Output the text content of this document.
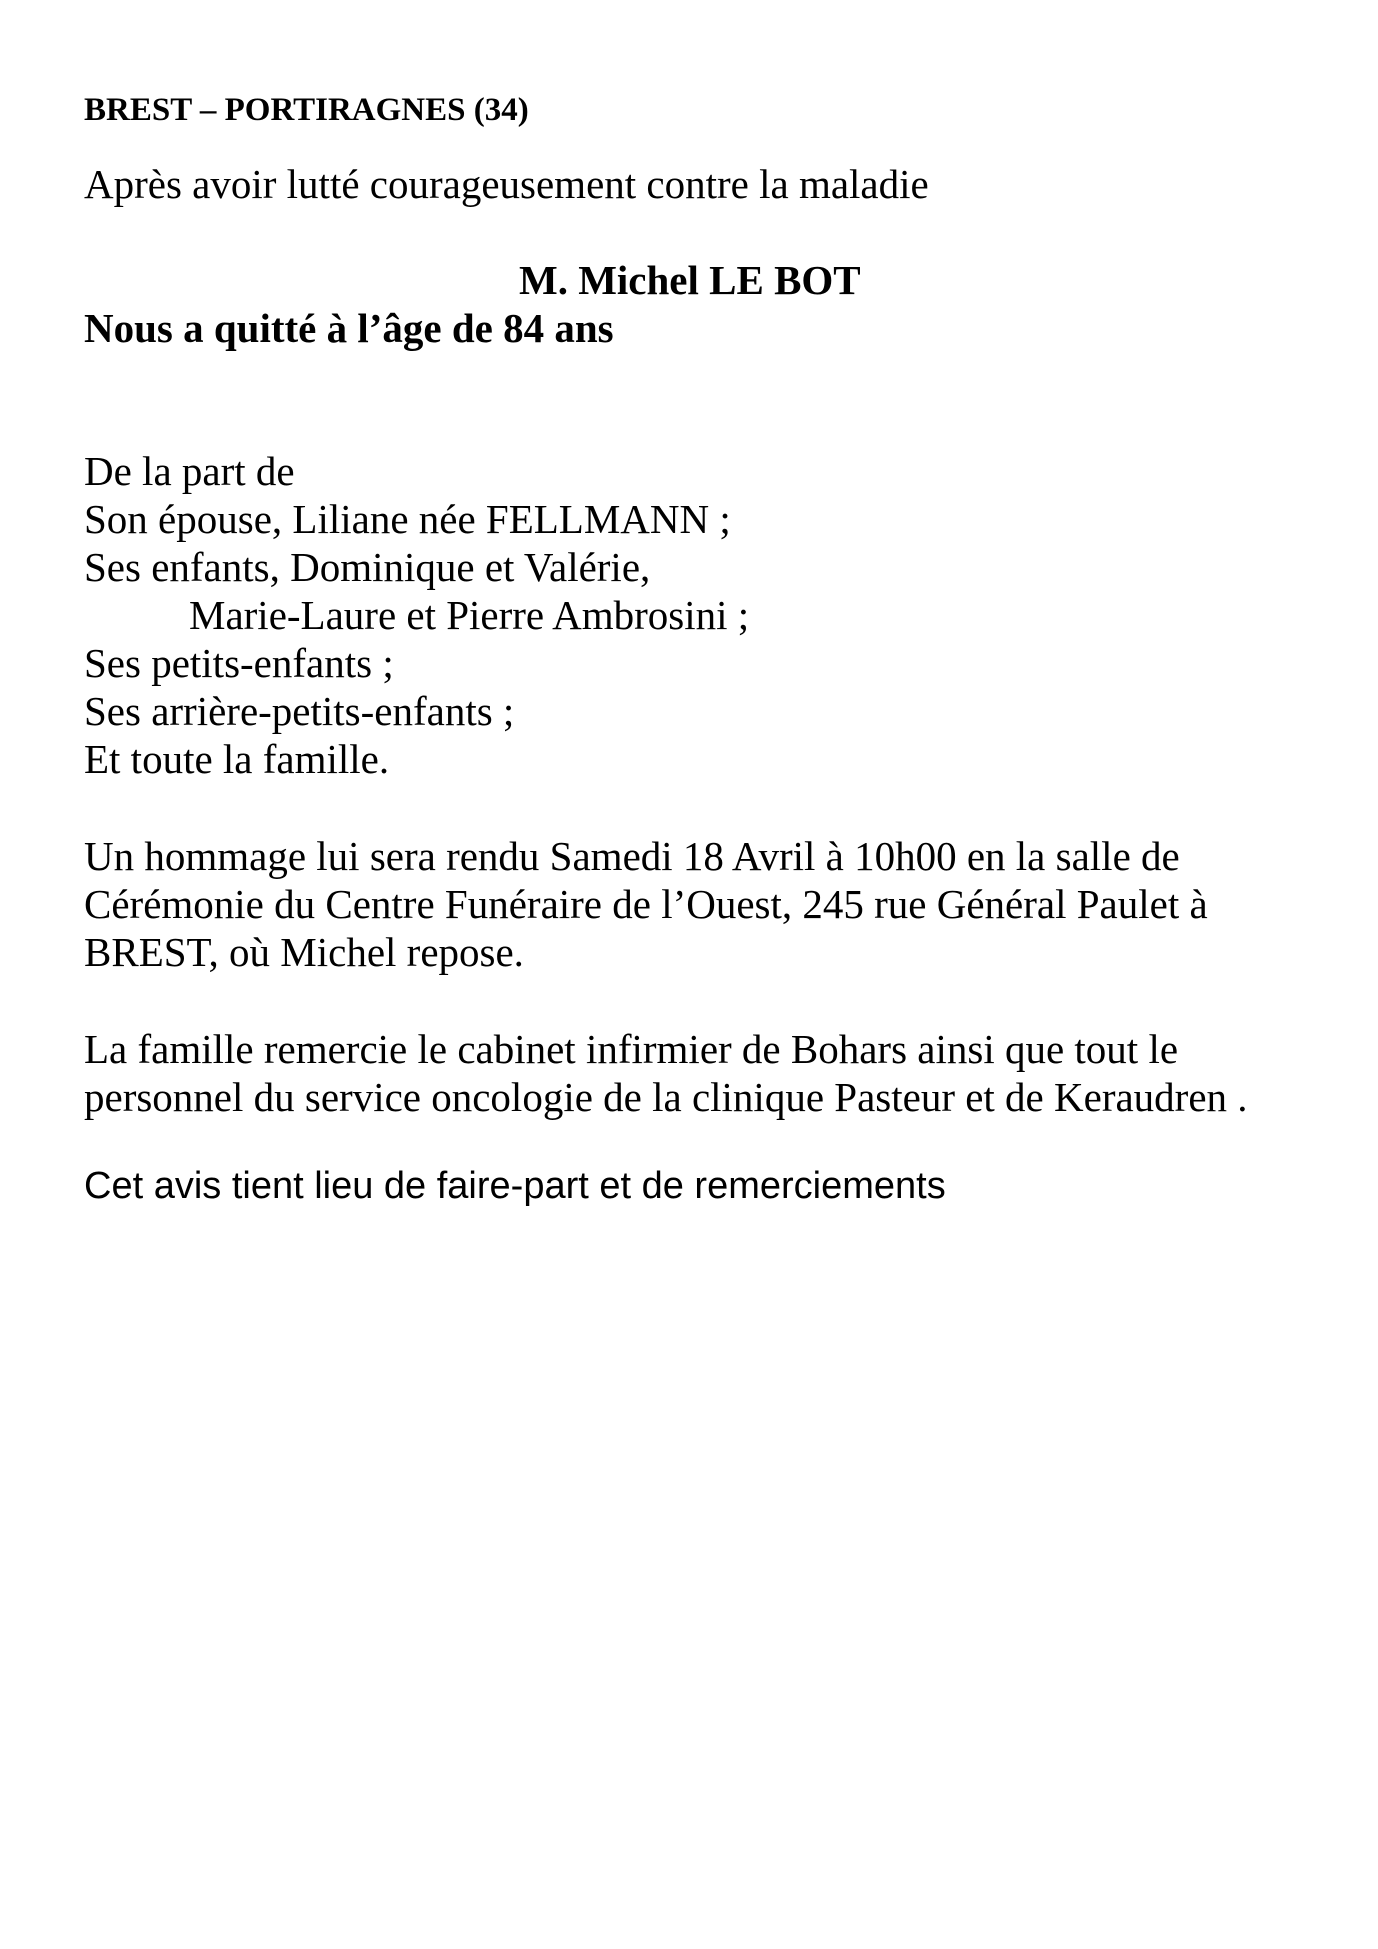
BREST – PORTIRAGNES (34)
Après avoir lutté courageusement contre la maladie
M. Michel LE BOT
Nous a quitté à l’âge de 84 ans
De la part de
Son épouse, Liliane née FELLMANN ;
Ses enfants, Dominique et Valérie,
Marie-Laure et Pierre Ambrosini ;
Ses petits-enfants ;
Ses arrière-petits-enfants ;
Et toute la famille.
Un hommage lui sera rendu Samedi 18 Avril à 10h00 en la salle de
Cérémonie du Centre Funéraire de l’Ouest, 245 rue Général Paulet à
BREST, où Michel repose.
La famille remercie le cabinet infirmier de Bohars ainsi que tout le
personnel du service oncologie de la clinique Pasteur et de Keraudren .
Cet avis tient lieu de faire-part et de remerciements
